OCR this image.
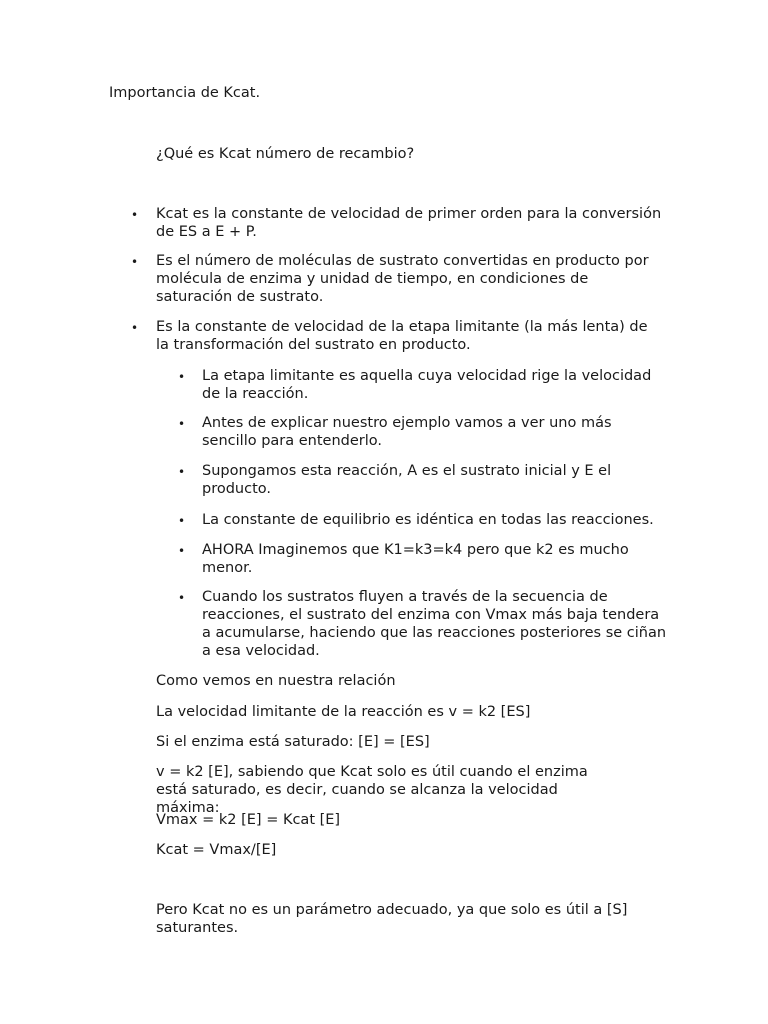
Importancia de Kcat.

¿Qué es Kcat número de recambio?

• Kcat es la constante de velocidad de primer orden para la conversión de ES a E + P.

• Es el número de moléculas de sustrato convertidas en producto por molécula de enzima y unidad de tiempo, en condiciones de saturación de sustrato.

• Es la constante de velocidad de la etapa limitante (la más lenta) de la transformación del sustrato en producto.

• La etapa limitante es aquella cuya velocidad rige la velocidad de la reacción.

• Antes de explicar nuestro ejemplo vamos a ver uno más sencillo para entenderlo.

• Supongamos esta reacción, A es el sustrato inicial y E el producto.

• La constante de equilibrio es idéntica en todas las reacciones.

• AHORA Imaginemos que K1=k3=k4 pero que k2 es mucho menor.

• Cuando los sustratos fluyen a través de la secuencia de reacciones, el sustrato del enzima con Vmax más baja tendera a acumularse, haciendo que las reacciones posteriores se ciñan a esa velocidad.

Como vemos en nuestra relación

La velocidad limitante de la reacción es v = k2 [ES]

Si el enzima está saturado: [E] = [ES]

v = k2 [E], sabiendo que Kcat solo es útil cuando el enzima está saturado, es decir, cuando se alcanza la velocidad máxima:

Vmax = k2 [E] = Kcat [E]

Kcat = Vmax/[E]

Pero Kcat no es un parámetro adecuado, ya que solo es útil a [S] saturantes.
